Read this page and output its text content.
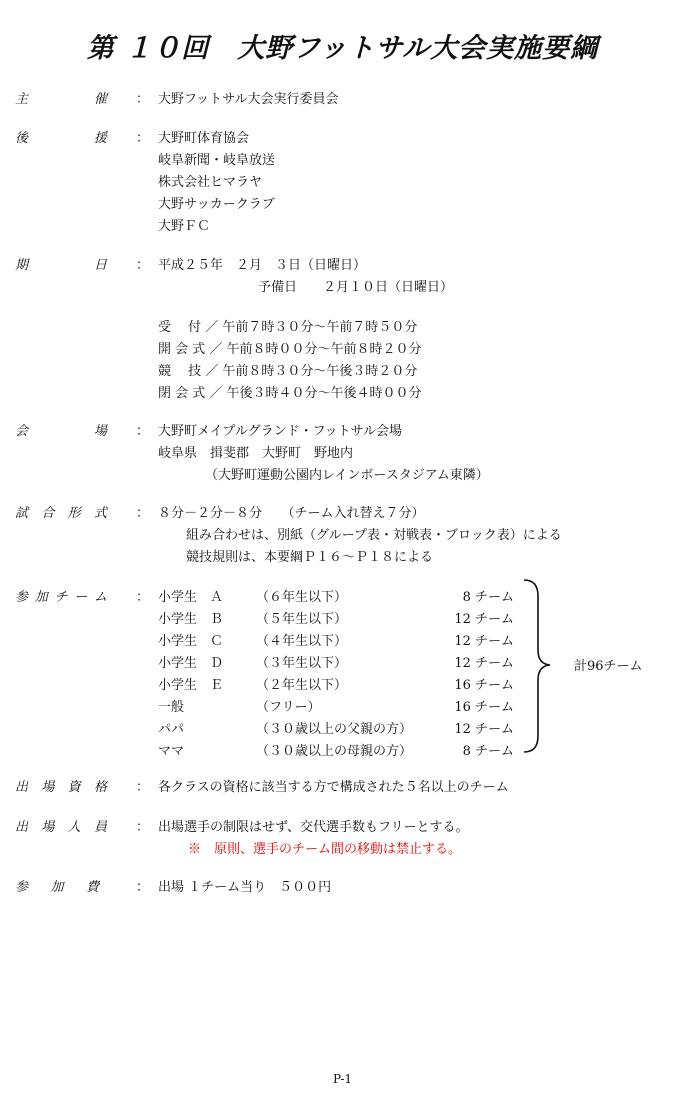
第 １０回　大野フットサル大会実施要綱
主	催 ： 大野フットサル大会実行委員会
後	援 ： 大野町体育協会
岐阜新聞・岐阜放送
株式会社ヒマラヤ
大野サッカークラブ
大野ＦＣ
期	日 ： 平成２５年　２月　３日（日曜日）
予備日　　２月１０日（日曜日）
受　 付 ／ 午前７時３０分～午前７時５０分
開 会 式 ／ 午前８時００分～午前８時２０分
競　 技 ／ 午前８時３０分～午後３時２０分
閉 会 式 ／ 午後３時４０分～午後４時００分
会	場 ： 大野町メイプルグランド・フットサル会場
岐阜県　揖斐郡　大野町　野地内
（大野町運動公園内レインボースタジアム東隣）
試 合 形 式 ： ８分－２分－８分　　（チーム入れ替え７分）
組み合わせは、別紙（グループ表・対戦表・ブロック表）による
競技規則は、本要綱Ｐ１６～Ｐ１８による
参 加 チ ー ム ： 小学生　Ａ	（６年生以下）	8 チーム
小学生　Ｂ	（５年生以下）	12 チーム
小学生　Ｃ	（４年生以下）	12 チーム
小学生　Ｄ	（３年生以下）	12 チーム
小学生　Ｅ	（２年生以下）	16 チーム
一般	（フリー）	16 チーム
パパ	（３０歳以上の父親の方）	12 チーム
ママ	（３０歳以上の母親の方）	8 チーム
計96チーム
出 場 資 格 ： 各クラスの資格に該当する方で構成された５名以上のチーム
出 場 人 員 ： 出場選手の制限はせず、交代選手数もフリーとする。
※　原則、選手のチーム間の移動は禁止する。
参 加 費	： 出場 １チーム当り　５００円
P-1
